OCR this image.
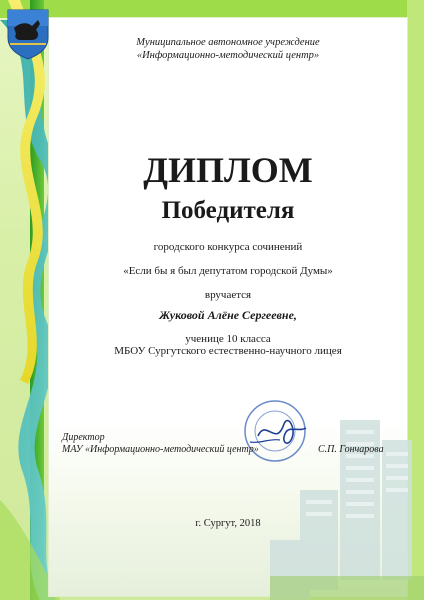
Муниципальное автономное учреждение
«Информационно-методический центр»
ДИПЛОМ
Победителя
городского конкурса сочинений
«Если бы я был депутатом городской Думы»
вручается
Жуковой Алёне Сергеевне,
ученице 10 класса
МБОУ Сургутского естественно-научного лицея
Директор
МАУ «Информационно-методический центр»	С.П. Гончарова
г. Сургут, 2018
